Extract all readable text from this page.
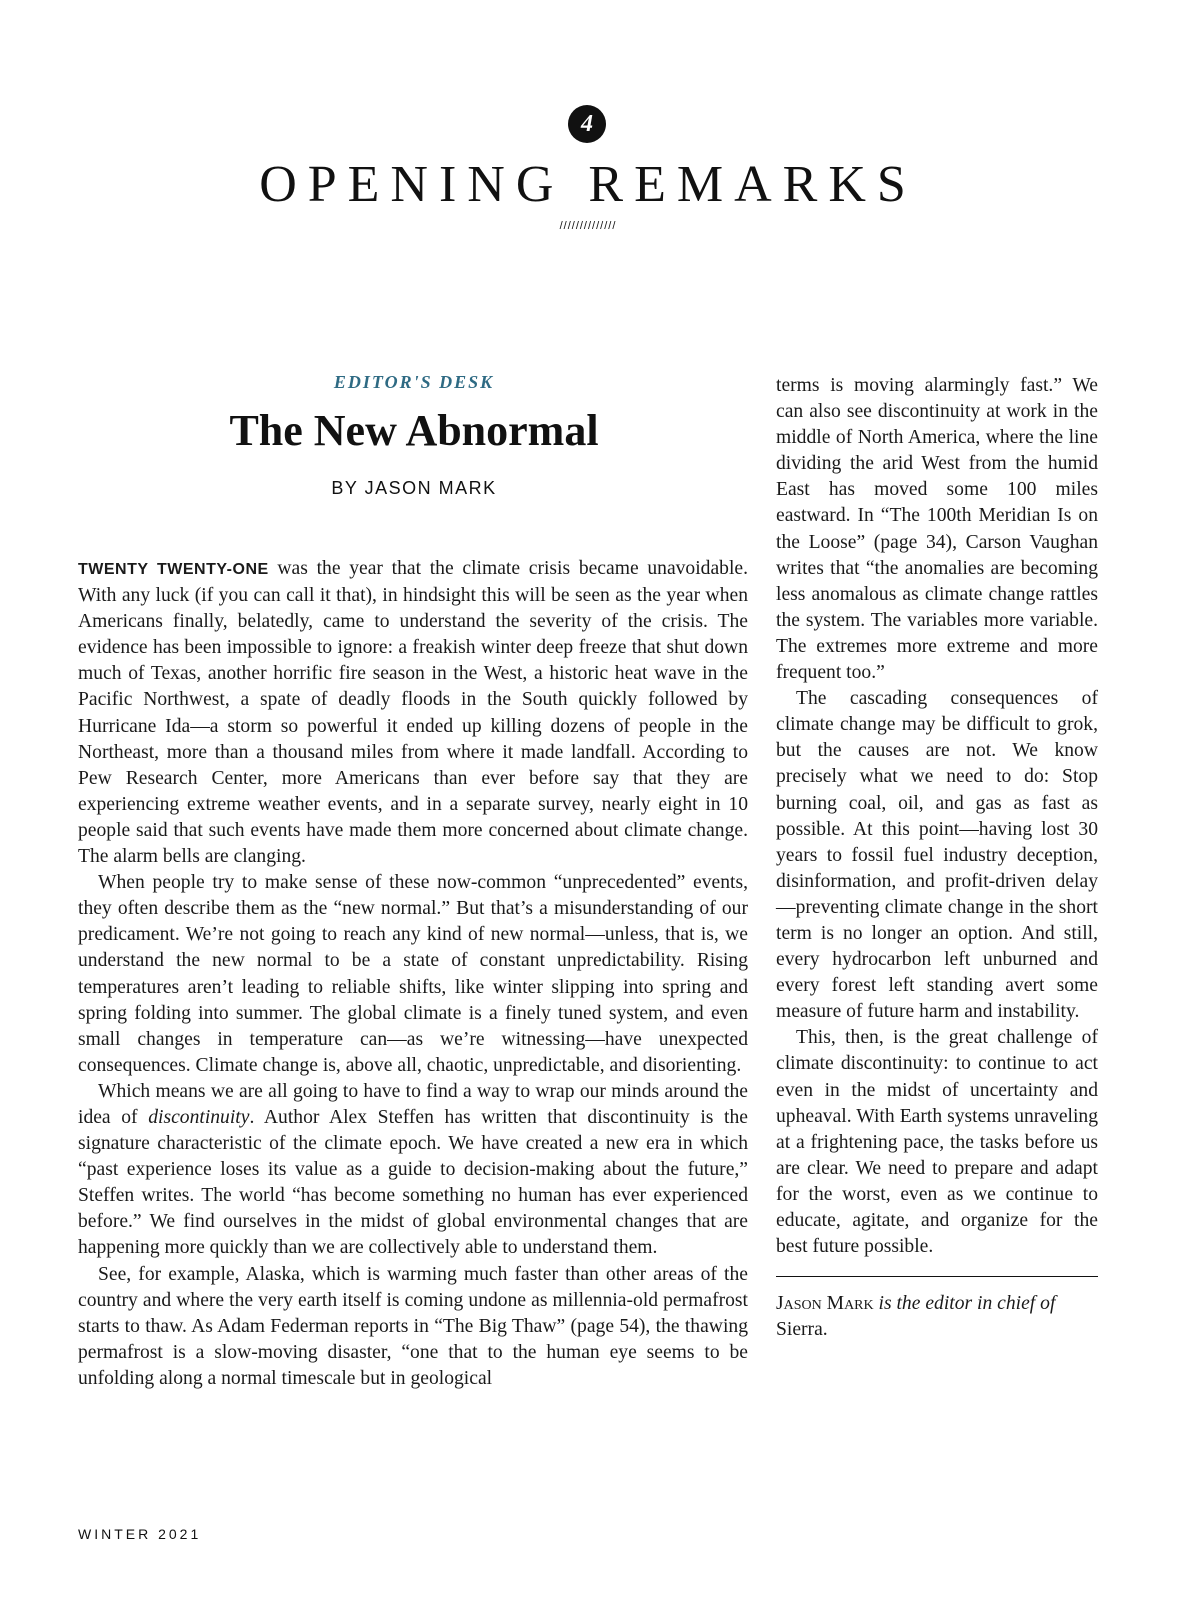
4
OPENING REMARKS
//////////////
EDITOR'S DESK
The New Abnormal
BY JASON MARK

TWENTY TWENTY-ONE was the year that the climate crisis became unavoidable. With any luck (if you can call it that), in hindsight this will be seen as the year when Americans finally, belatedly, came to understand the severity of the crisis. The evidence has been impossible to ignore: a freakish winter deep freeze that shut down much of Texas, another horrific fire season in the West, a historic heat wave in the Pacific Northwest, a spate of deadly floods in the South quickly followed by Hurricane Ida—a storm so powerful it ended up killing dozens of people in the Northeast, more than a thousand miles from where it made landfall. According to Pew Research Center, more Americans than ever before say that they are experiencing extreme weather events, and in a separate survey, nearly eight in 10 people said that such events have made them more concerned about climate change. The alarm bells are clanging.

When people try to make sense of these now-common “unprecedented” events, they often describe them as the “new normal.” But that’s a misunderstanding of our predicament. We’re not going to reach any kind of new normal—unless, that is, we understand the new normal to be a state of constant unpredictability. Rising temperatures aren’t leading to reliable shifts, like winter slipping into spring and spring folding into summer. The global climate is a finely tuned system, and even small changes in temperature can—as we’re witnessing—have unexpected consequences. Climate change is, above all, chaotic, unpredictable, and disorienting.

Which means we are all going to have to find a way to wrap our minds around the idea of discontinuity. Author Alex Steffen has written that discontinuity is the signature characteristic of the climate epoch. We have created a new era in which “past experience loses its value as a guide to decision-making about the future,” Steffen writes. The world “has become something no human has ever experienced before.” We find ourselves in the midst of global environmental changes that are happening more quickly than we are collectively able to understand them.

See, for example, Alaska, which is warming much faster than other areas of the country and where the very earth itself is coming undone as millennia-old permafrost starts to thaw. As Adam Federman reports in “The Big Thaw” (page 54), the thawing permafrost is a slow-moving disaster, “one that to the human eye seems to be unfolding along a normal timescale but in geological

terms is moving alarmingly fast.” We can also see discontinuity at work in the middle of North America, where the line dividing the arid West from the humid East has moved some 100 miles eastward. In “The 100th Meridian Is on the Loose” (page 34), Carson Vaughan writes that “the anomalies are becoming less anomalous as climate change rattles the system. The variables more variable. The extremes more extreme and more frequent too.”

The cascading consequences of climate change may be difficult to grok, but the causes are not. We know precisely what we need to do: Stop burning coal, oil, and gas as fast as possible. At this point—having lost 30 years to fossil fuel industry deception, disinformation, and profit-driven delay—preventing climate change in the short term is no longer an option. And still, every hydrocarbon left unburned and every forest left standing avert some measure of future harm and instability.

This, then, is the great challenge of climate discontinuity: to continue to act even in the midst of uncertainty and upheaval. With Earth systems unraveling at a frightening pace, the tasks before us are clear. We need to prepare and adapt for the worst, even as we continue to educate, agitate, and organize for the best future possible.

Jason Mark is the editor in chief of Sierra.

WINTER 2021
